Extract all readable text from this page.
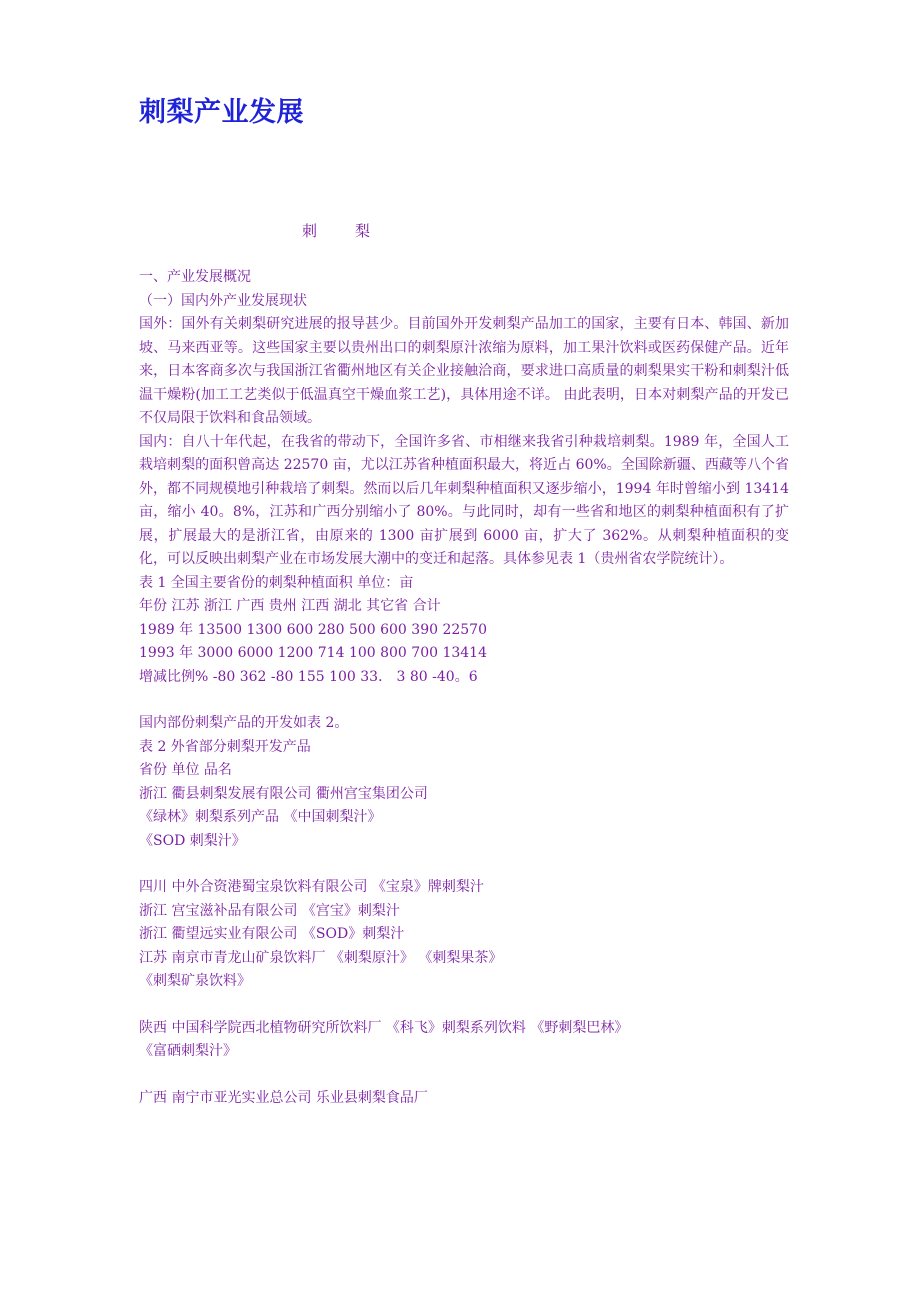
刺梨产业发展
刺	梨

一、产业发展概况

（一）国内外产业发展现状

国外：国外有关刺梨研究进展的报导甚少。目前国外开发刺梨产品加工的国家，主要有日本、韩国、新加坡、马来西亚等。这些国家主要以贵州出口的刺梨原汁浓缩为原料，加工果汁饮料或医药保健产品。近年来，日本客商多次与我国浙江省衢州地区有关企业接触洽商，要求进口高质量的刺梨果实干粉和刺梨汁低温干燥粉(加工工艺类似于低温真空干燥血浆工艺)，具体用途不详。 由此表明，日本对刺梨产品的开发已不仅局限于饮料和食品领域。

国内：自八十年代起，在我省的带动下，全国许多省、市相继来我省引种栽培刺梨。1989 年，全国人工栽培刺梨的面积曾高达 22570 亩，尤以江苏省种植面积最大，将近占 60%。全国除新疆、西藏等八个省外，都不同规模地引种栽培了刺梨。然而以后几年刺梨种植面积又逐步缩小，1994 年时曾缩小到 13414 亩，缩小 40。8%，江苏和广西分别缩小了 80%。与此同时，却有一些省和地区的刺梨种植面积有了扩展，扩展最大的是浙江省，由原来的 1300 亩扩展到 6000 亩，扩大了 362%。从刺梨种植面积的变化，可以反映出刺梨产业在市场发展大潮中的变迁和起落。具体参见表 1（贵州省农学院统计）。

表 1 全国主要省份的刺梨种植面积 单位：亩

年份 江苏 浙江 广西 贵州 江西 湖北 其它省 合计

1989 年 13500 1300 600 280 500 600 390 22570

1993 年 3000 6000 1200 714 100 800 700 13414

增减比例% -80 362 -80 155 100 33． 3 80 -40。6

国内部份刺梨产品的开发如表 2。

表 2 外省部分刺梨开发产品

省份 单位 品名

浙江 衢县刺梨发展有限公司 衢州宫宝集团公司

《绿林》刺梨系列产品 《中国刺梨汁》

《SOD 刺梨汁》

四川 中外合资港蜀宝泉饮料有限公司 《宝泉》牌刺梨汁

浙江 宫宝滋补品有限公司 《宫宝》刺梨汁

浙江 衢望远实业有限公司 《SOD》刺梨汁

江苏 南京市青龙山矿泉饮料厂 《刺梨原汁》 《刺梨果茶》

《刺梨矿泉饮料》

陕西 中国科学院西北植物研究所饮料厂 《科飞》刺梨系列饮料 《野刺梨巴林》

《富硒刺梨汁》

广西 南宁市亚光实业总公司 乐业县刺梨食品厂
